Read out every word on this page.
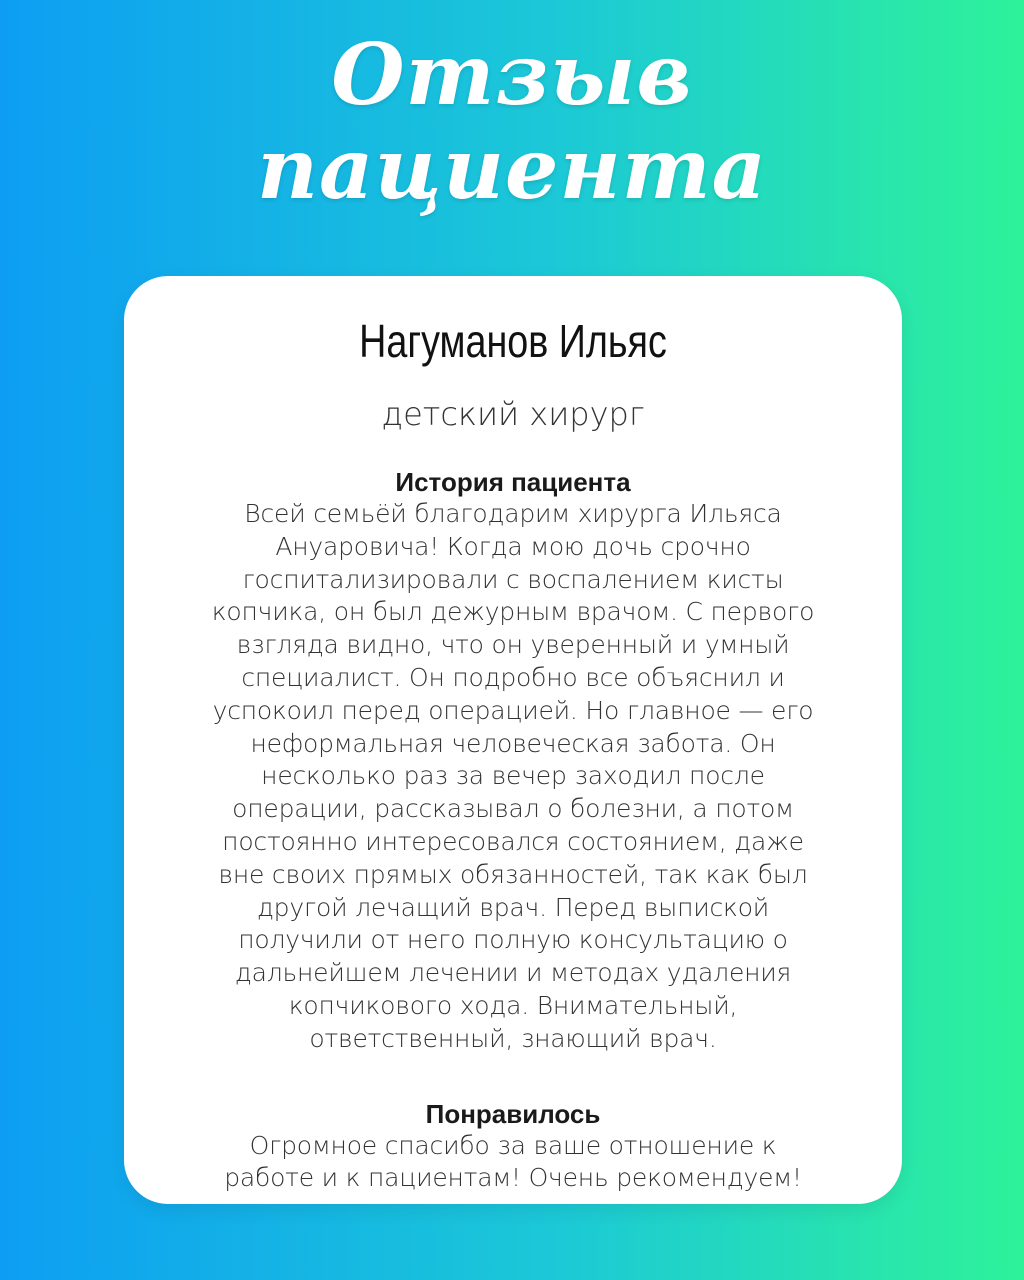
Отзыв
пациента
Нагуманов Ильяс
детский хирург
История пациента
Всей семьёй благодарим хирурга Ильяса
Ануаровича! Когда мою дочь срочно
госпитализировали с воспалением кисты
копчика, он был дежурным врачом. С первого
взгляда видно, что он уверенный и умный
специалист. Он подробно все объяснил и
успокоил перед операцией. Но главное — его
неформальная человеческая забота. Он
несколько раз за вечер заходил после
операции, рассказывал о болезни, а потом
постоянно интересовался состоянием, даже
вне своих прямых обязанностей, так как был
другой лечащий врач. Перед выпиской
получили от него полную консультацию о
дальнейшем лечении и методах удаления
копчикового хода. Внимательный,
ответственный, знающий врач.
Понравилось
Огромное спасибо за ваше отношение к
работе и к пациентам! Очень рекомендуем!
